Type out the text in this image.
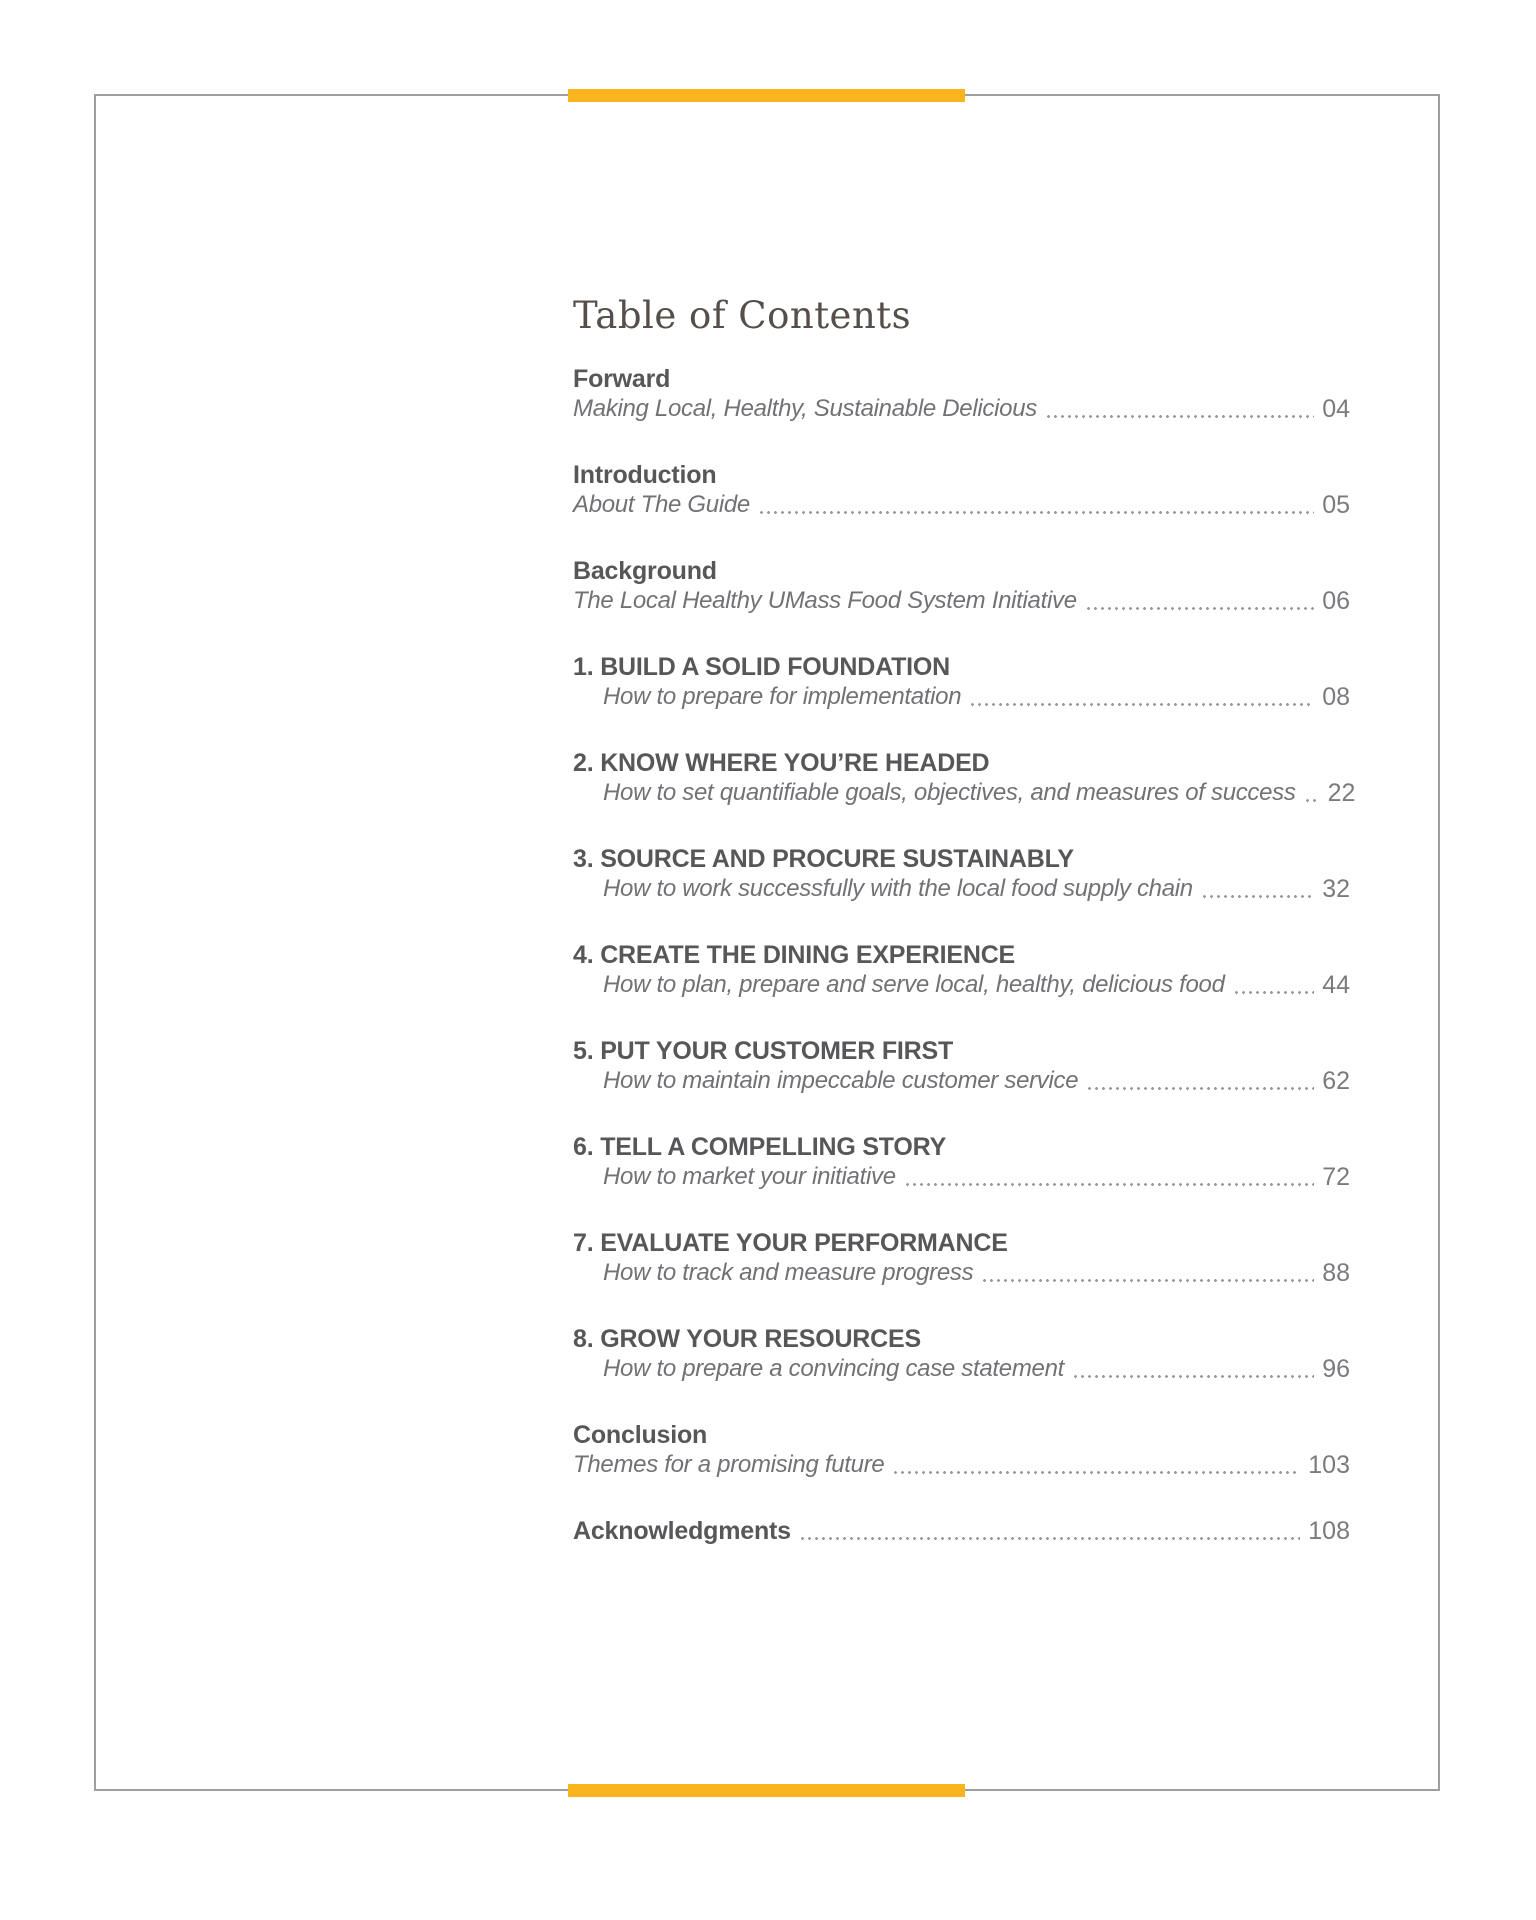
Table of Contents
Forward
Making Local, Healthy, Sustainable Delicious	04
Introduction
About The Guide	05
Background
The Local Healthy UMass Food System Initiative	06
1. BUILD A SOLID FOUNDATION
How to prepare for implementation	08
2. KNOW WHERE YOU’RE HEADED
How to set quantifiable goals, objectives, and measures of success 22
3. SOURCE AND PROCURE SUSTAINABLY
How to work successfully with the local food supply chain	32
4. CREATE THE DINING EXPERIENCE
How to plan, prepare and serve local, healthy, delicious food	44
5. PUT YOUR CUSTOMER FIRST
How to maintain impeccable customer service	62
6. TELL A COMPELLING STORY
How to market your initiative	72
7. EVALUATE YOUR PERFORMANCE
How to track and measure progress	88
8. GROW YOUR RESOURCES
How to prepare a convincing case statement	96
Conclusion
Themes for a promising future	103
Acknowledgments	108
